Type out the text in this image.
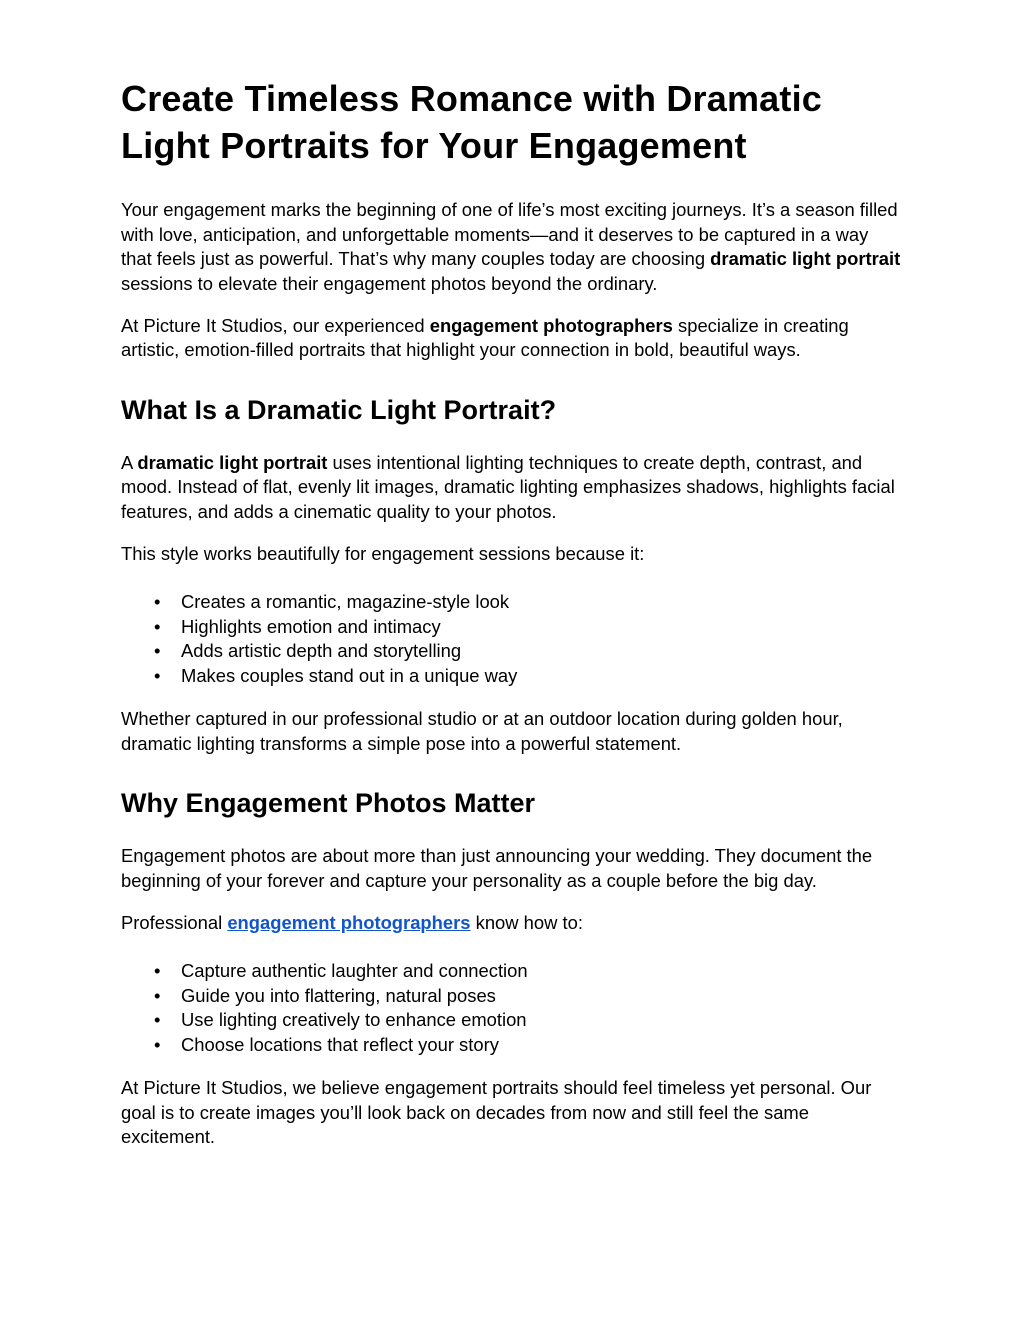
Create Timeless Romance with Dramatic Light Portraits for Your Engagement

Your engagement marks the beginning of one of life’s most exciting journeys. It’s a season filled with love, anticipation, and unforgettable moments—and it deserves to be captured in a way that feels just as powerful. That’s why many couples today are choosing dramatic light portrait sessions to elevate their engagement photos beyond the ordinary.

At Picture It Studios, our experienced engagement photographers specialize in creating artistic, emotion-filled portraits that highlight your connection in bold, beautiful ways.

What Is a Dramatic Light Portrait?

A dramatic light portrait uses intentional lighting techniques to create depth, contrast, and mood. Instead of flat, evenly lit images, dramatic lighting emphasizes shadows, highlights facial features, and adds a cinematic quality to your photos.

This style works beautifully for engagement sessions because it:

• Creates a romantic, magazine-style look
• Highlights emotion and intimacy
• Adds artistic depth and storytelling
• Makes couples stand out in a unique way

Whether captured in our professional studio or at an outdoor location during golden hour, dramatic lighting transforms a simple pose into a powerful statement.

Why Engagement Photos Matter

Engagement photos are about more than just announcing your wedding. They document the beginning of your forever and capture your personality as a couple before the big day.

Professional engagement photographers know how to:

• Capture authentic laughter and connection
• Guide you into flattering, natural poses
• Use lighting creatively to enhance emotion
• Choose locations that reflect your story

At Picture It Studios, we believe engagement portraits should feel timeless yet personal. Our goal is to create images you’ll look back on decades from now and still feel the same excitement.
